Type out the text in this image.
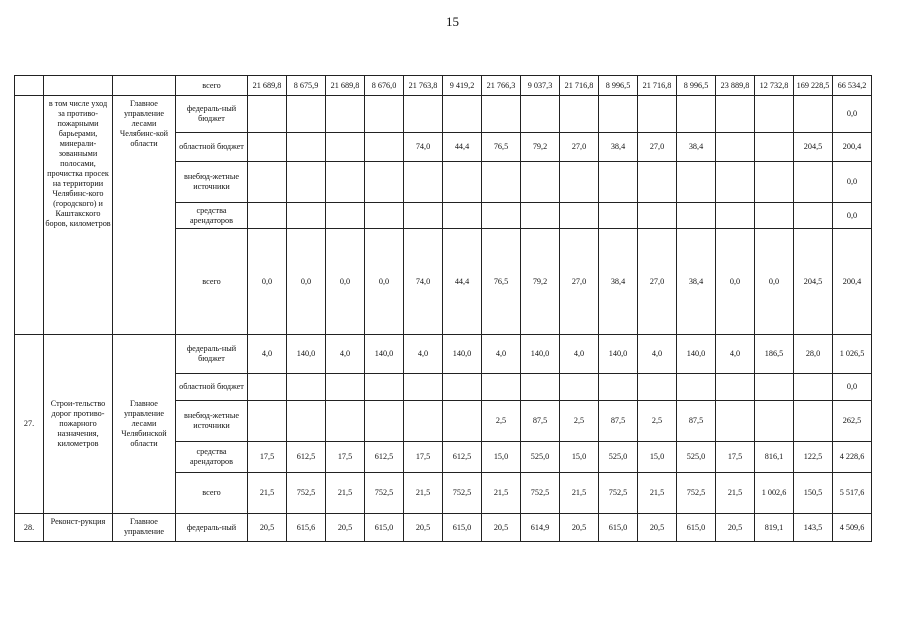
15
			всего	21 689,8	8 675,9	21 689,8	8 676,0	21 763,8	9 419,2	21 766,3	9 037,3	21 716,8	8 996,5	21 716,8	8 996,5	23 889,8	12 732,8	169 228,5	66 534,2
	в том числе уход за противо-пожарными барьерами, минерали-зованными полосами, прочистка просек на территории Челябинс-кого (городского) и Каштакского боров, километров	Главное управление лесами Челябинс-кой области	федераль-ный бюджет																0,0
			областной бюджет					74,0	44,4	76,5	79,2	27,0	38,4	27,0	38,4			204,5	200,4
			внебюд-жетные источники																0,0
			средства арендаторов																0,0
			всего	0,0	0,0	0,0	0,0	74,0	44,4	76,5	79,2	27,0	38,4	27,0	38,4	0,0	0,0	204,5	200,4
27.	Строи-тельство дорог противо-пожарного назначения, километров	Главное управление лесами Челябинской области	федераль-ный бюджет	4,0	140,0	4,0	140,0	4,0	140,0	4,0	140,0	4,0	140,0	4,0	140,0	4,0	186,5	28,0	1 026,5
			областной бюджет																0,0
			внебюд-жетные источники							2,5	87,5	2,5	87,5	2,5	87,5				262,5
			средства арендаторов	17,5	612,5	17,5	612,5	17,5	612,5	15,0	525,0	15,0	525,0	15,0	525,0	17,5	816,1	122,5	4 228,6
			всего	21,5	752,5	21,5	752,5	21,5	752,5	21,5	752,5	21,5	752,5	21,5	752,5	21,5	1 002,6	150,5	5 517,6
28.	Реконст-рукция	Главное управление	федераль-ный	20,5	615,6	20,5	615,0	20,5	615,0	20,5	614,9	20,5	615,0	20,5	615,0	20,5	819,1	143,5	4 509,6
